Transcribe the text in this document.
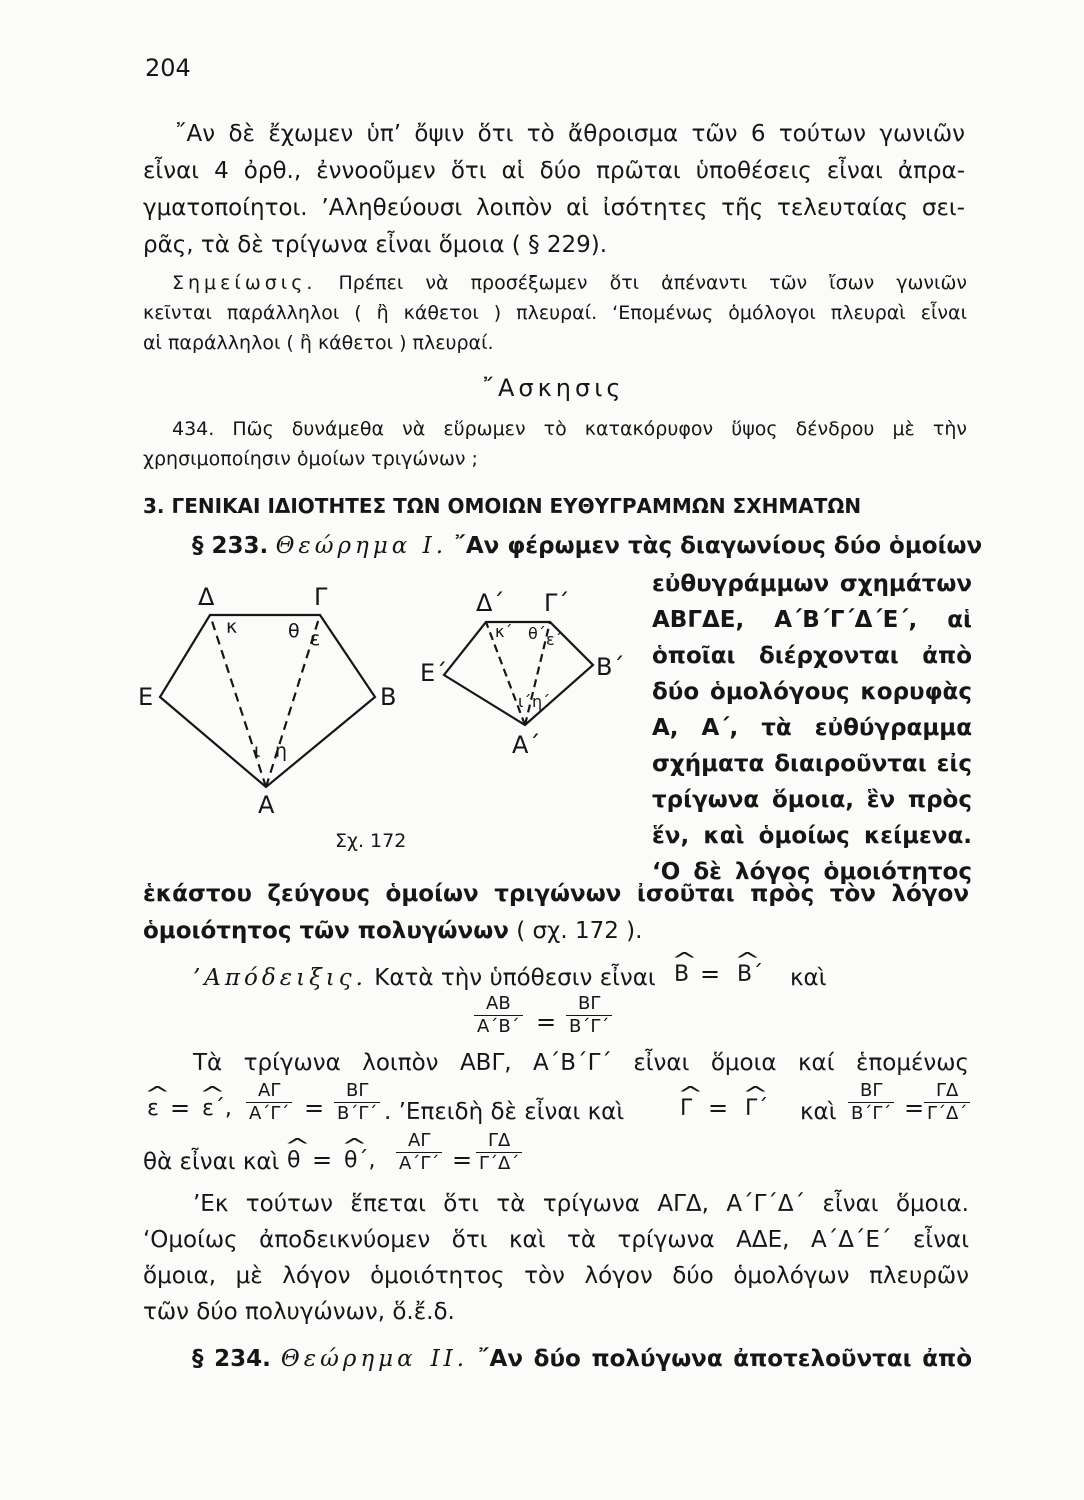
204
῎Αν δὲ ἔχωμεν ὑπ’ ὄψιν ὅτι τὸ ἄθροισμα τῶν 6 τούτων γωνιῶν
εἶναι 4 ὀρθ., ἐννοοῦμεν ὅτι αἱ δύο πρῶται ὑποθέσεις εἶναι ἀπρα-
γματοποίητοι. ’Αληθεύουσι λοιπὸν αἱ ἰσότητες τῆς τελευταίας σει-
ρᾶς, τὰ δὲ τρίγωνα εἶναι ὅμοια ( § 229).
Σημείωσις. Πρέπει νὰ προσέξωμεν ὅτι ἀπέναντι τῶν ἴσων γωνιῶν
κεῖνται παράλληλοι ( ἢ κάθετοι ) πλευραί. ‘Επομένως ὁμόλογοι πλευραὶ εἶναι
αἱ παράλληλοι ( ἢ κάθετοι ) πλευραί.
῎Ασκησις
434. Πῶς δυνάμεθα νὰ εὕρωμεν τὸ κατακόρυφον ὕψος δένδρου μὲ τὴν
χρησιμοποίησιν ὁμοίων τριγώνων ;
3. ΓΕΝΙΚΑΙ ΙΔΙΟΤΗΤΕΣ ΤΩΝ ΟΜΟΙΩΝ ΕΥΘΥΓΡΑΜΜΩΝ ΣΧΗΜΑΤΩΝ
§ 233. Θεώρημα Ι. ῎Αν φέρωμεν τὰς διαγωνίους δύο ὁμοίων
εὐθυγράμμων σχημάτων
ΑΒΓΔΕ, Α΄Β΄Γ΄Δ΄Ε΄, αἱ
ὁποῖαι διέρχονται ἀπὸ
δύο ὁμολόγους κορυφὰς
Α, Α΄, τὰ εὐθύγραμμα
σχήματα διαιροῦνται εἰς
τρίγωνα ὅμοια, ἓν πρὸς
ἕν, καὶ ὁμοίως κείμενα.
‘Ο δὲ λόγος ὁμοιότητος
Δ	Γ
Ε	Β
Α
κ	θ ε
ι η
Δ΄ Γ΄
Ε΄	Β΄
Α΄
κ΄ θ΄ ε΄
ι΄ η΄
Σχ. 172
ἑκάστου ζεύγους ὁμοίων τριγώνων ἰσοῦται πρὸς τὸν λόγον
ὁμοιότητος τῶν πολυγώνων ( σχ. 172 ).
’Απόδειξις. Κατὰ τὴν ὑπόθεσιν εἶναι ^ Β = ^ Β΄ καὶ
$\frac{AB}{A΄B΄} = \frac{B\Gamma}{B΄\Gamma΄}$
Τὰ τρίγωνα λοιπὸν ΑΒΓ, Α΄Β΄Γ΄ εἶναι ὅμοια καί ἑπομένως
^ ε = ^ ε΄, $\frac{A\Gamma}{A΄\Gamma΄} = \frac{B\Gamma}{B΄\Gamma΄}$ . ’Επειδὴ δὲ εἶναι καὶ	^ Γ = ^ Γ΄ καὶ $\frac{B\Gamma}{B΄\Gamma΄} = \frac{\Gamma\Delta}{\Gamma΄\Delta΄}$
θὰ εἶναι καὶ ^ θ = ^ θ΄, $\frac{A\Gamma}{A΄\Gamma΄} = \frac{\Gamma\Delta}{\Gamma΄\Delta΄}$
’Εκ τούτων ἕπεται ὅτι τὰ τρίγωνα ΑΓΔ, Α΄Γ΄Δ΄ εἶναι ὅμοια.
‘Ομοίως ἀποδεικνύομεν ὅτι καὶ τὰ τρίγωνα ΑΔΕ, Α΄Δ΄Ε΄ εἶναι
ὅμοια, μὲ λόγον ὁμοιότητος τὸν λόγον δύο ὁμολόγων πλευρῶν
τῶν δύο πολυγώνων, ὅ.ἔ.δ.
§ 234. Θεώρημα ΙΙ. ῎Αν δύο πολύγωνα ἀποτελοῦνται ἀπὸ
